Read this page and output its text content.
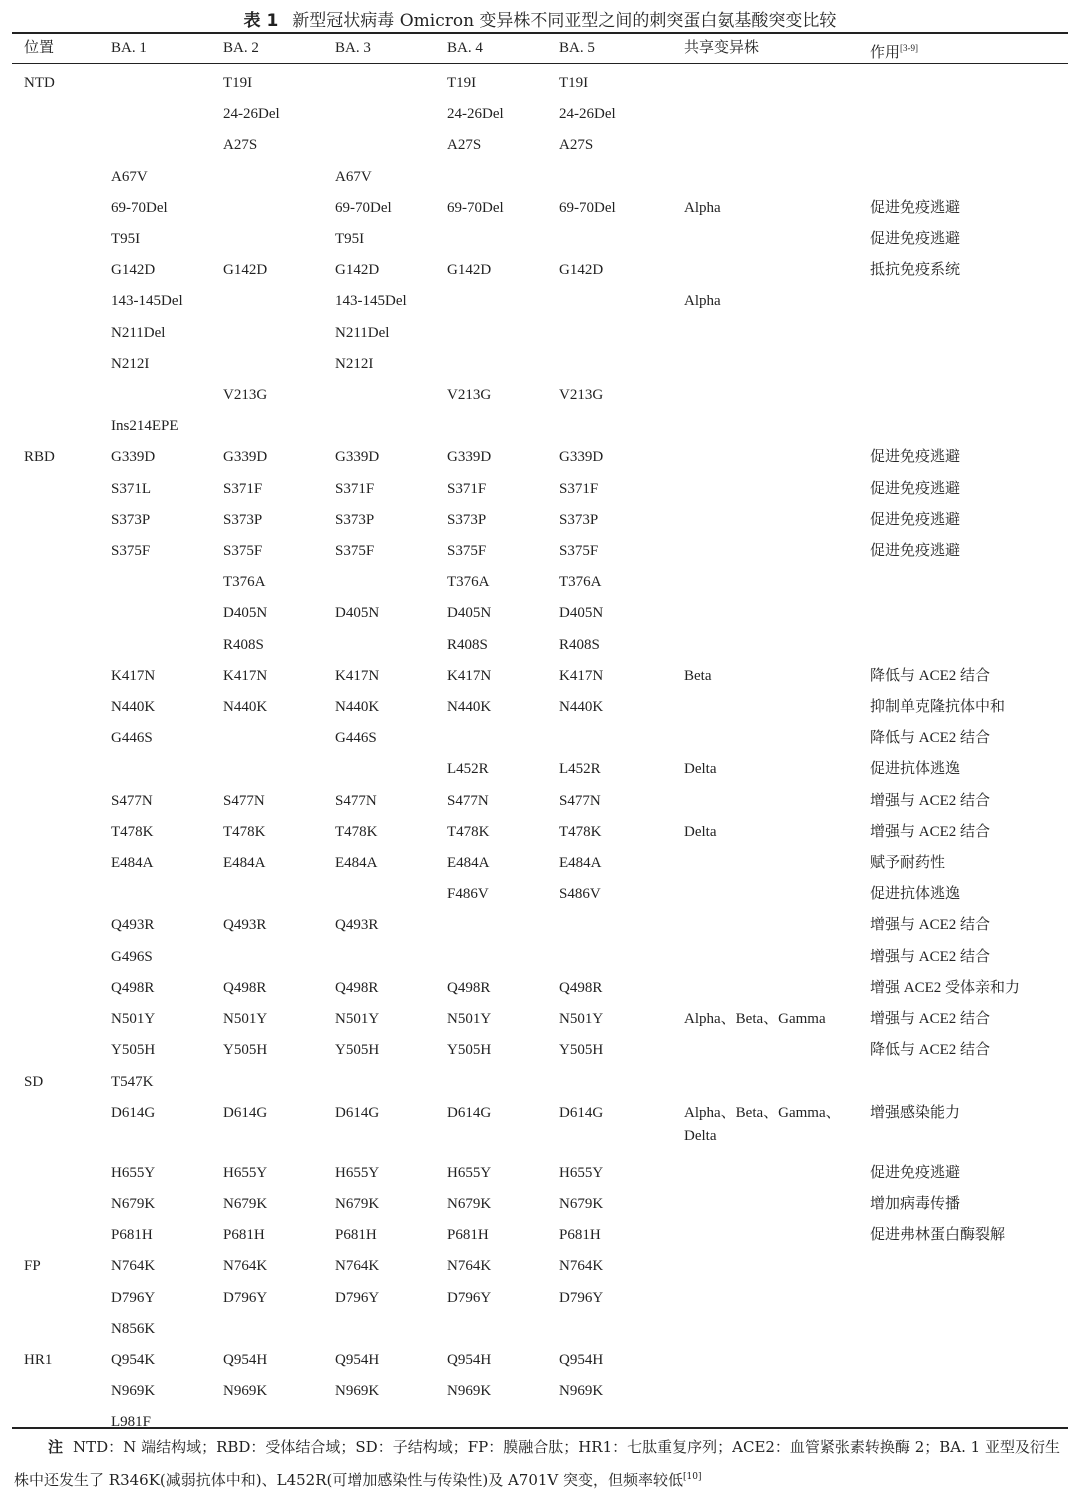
表 1 新型冠状病毒 Omicron 变异株不同亚型之间的刺突蛋白氨基酸突变比较
位置	BA. 1	BA. 2	BA. 3	BA. 4	BA. 5	共享变异株	作用[3-9]
NTD		T19I		T19I	T19I		
		24-26Del		24-26Del	24-26Del		
		A27S		A27S	A27S		
	A67V		A67V				
	69-70Del		69-70Del	69-70Del	69-70Del	Alpha	促进免疫逃避
	T95I		T95I				促进免疫逃避
	G142D	G142D	G142D	G142D	G142D		抵抗免疫系统
	143-145Del		143-145Del			Alpha	
	N211Del		N211Del				
	N212I		N212I				
		V213G		V213G	V213G		
	Ins214EPE						
RBD	G339D	G339D	G339D	G339D	G339D		促进免疫逃避
	S371L	S371F	S371F	S371F	S371F		促进免疫逃避
	S373P	S373P	S373P	S373P	S373P		促进免疫逃避
	S375F	S375F	S375F	S375F	S375F		促进免疫逃避
		T376A		T376A	T376A		
		D405N	D405N	D405N	D405N		
		R408S		R408S	R408S		
	K417N	K417N	K417N	K417N	K417N	Beta	降低与 ACE2 结合
	N440K	N440K	N440K	N440K	N440K		抑制单克隆抗体中和
	G446S		G446S				降低与 ACE2 结合
				L452R	L452R	Delta	促进抗体逃逸
	S477N	S477N	S477N	S477N	S477N		增强与 ACE2 结合
	T478K	T478K	T478K	T478K	T478K	Delta	增强与 ACE2 结合
	E484A	E484A	E484A	E484A	E484A		赋予耐药性
				F486V	S486V		促进抗体逃逸
	Q493R	Q493R	Q493R				增强与 ACE2 结合
	G496S						增强与 ACE2 结合
	Q498R	Q498R	Q498R	Q498R	Q498R		增强 ACE2 受体亲和力
	N501Y	N501Y	N501Y	N501Y	N501Y	Alpha、Beta、Gamma	增强与 ACE2 结合
	Y505H	Y505H	Y505H	Y505H	Y505H		降低与 ACE2 结合
SD	T547K						
	D614G	D614G	D614G	D614G	D614G	Alpha、Beta、Gamma、 Delta	增强感染能力
	H655Y	H655Y	H655Y	H655Y	H655Y		促进免疫逃避
	N679K	N679K	N679K	N679K	N679K		增加病毒传播
	P681H	P681H	P681H	P681H	P681H		促进弗林蛋白酶裂解
FP	N764K	N764K	N764K	N764K	N764K		
	D796Y	D796Y	D796Y	D796Y	D796Y		
	N856K						
HR1	Q954K	Q954H	Q954H	Q954H	Q954H		
	N969K	N969K	N969K	N969K	N969K		
	L981F						
注 NTD：N 端结构域；RBD：受体结合域；SD：子结构域；FP：膜融合肽；HR1：七肽重复序列；ACE2：血管紧张素转换酶 2；BA. 1 亚型及衍生株中还发生了 R346K(减弱抗体中和)、L452R(可增加感染性与传染性)及 A701V 突变，但频率较低[10]
